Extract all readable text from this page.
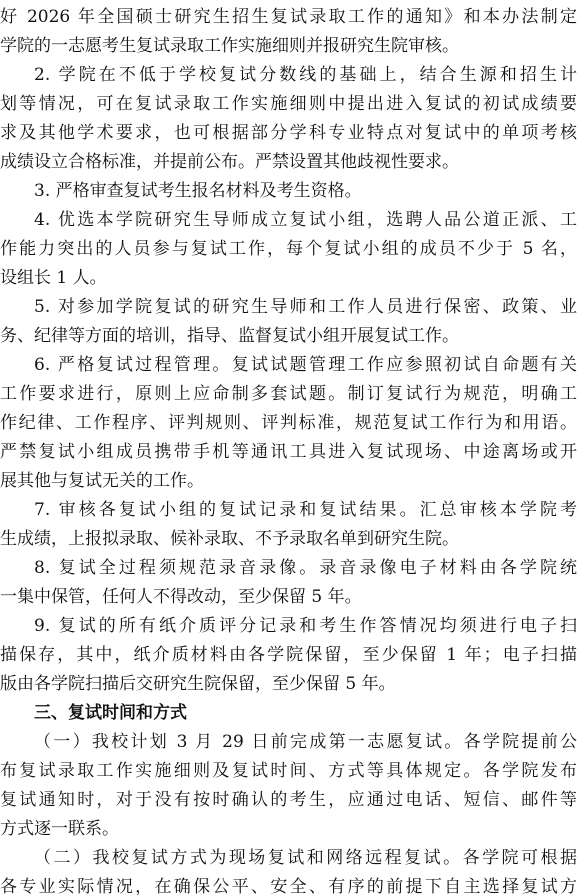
好 2026 年全国硕士研究生招生复试录取工作的通知》和本办法制定
学院的一志愿考生复试录取工作实施细则并报研究生院审核。
2. 学院在不低于学校复试分数线的基础上，结合生源和招生计
划等情况，可在复试录取工作实施细则中提出进入复试的初试成绩要
求及其他学术要求，也可根据部分学科专业特点对复试中的单项考核
成绩设立合格标准，并提前公布。严禁设置其他歧视性要求。
3. 严格审查复试考生报名材料及考生资格。
4. 优选本学院研究生导师成立复试小组，选聘人品公道正派、工
作能力突出的人员参与复试工作，每个复试小组的成员不少于 5 名，
设组长 1 人。
5. 对参加学院复试的研究生导师和工作人员进行保密、政策、业
务、纪律等方面的培训，指导、监督复试小组开展复试工作。
6. 严格复试过程管理。复试试题管理工作应参照初试自命题有关
工作要求进行，原则上应命制多套试题。制订复试行为规范，明确工
作纪律、工作程序、评判规则、评判标准，规范复试工作行为和用语。
严禁复试小组成员携带手机等通讯工具进入复试现场、中途离场或开
展其他与复试无关的工作。
7. 审核各复试小组的复试记录和复试结果。汇总审核本学院考
生成绩，上报拟录取、候补录取、不予录取名单到研究生院。
8. 复试全过程须规范录音录像。录音录像电子材料由各学院统
一集中保管，任何人不得改动，至少保留 5 年。
9. 复试的所有纸介质评分记录和考生作答情况均须进行电子扫
描保存，其中，纸介质材料由各学院保留，至少保留 1 年；电子扫描
版由各学院扫描后交研究生院保留，至少保留 5 年。
三、复试时间和方式
（一）我校计划 3 月 29 日前完成第一志愿复试。各学院提前公
布复试录取工作实施细则及复试时间、方式等具体规定。各学院发布
复试通知时，对于没有按时确认的考生，应通过电话、短信、邮件等
方式逐一联系。
（二）我校复试方式为现场复试和网络远程复试。各学院可根据
各专业实际情况，在确保公平、安全、有序的前提下自主选择复试方
